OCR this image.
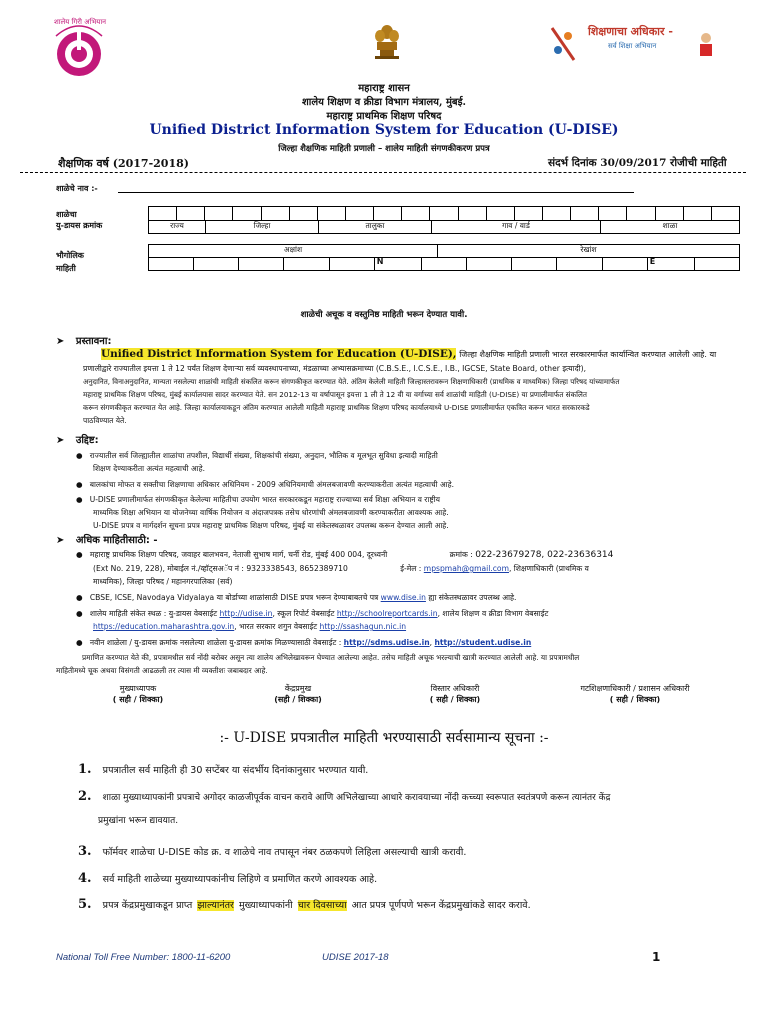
शालेय गिरी अभियान
शिक्षणाचा अधिकार -
सर्व शिक्षा अभियान
महाराष्ट्र शासन
शालेय शिक्षण व क्रीडा विभाग मंत्रालय, मुंबई.
महाराष्ट्र प्राथमिक शिक्षण परिषद
Unified District Information System for Education (U-DISE)
जिल्हा शैक्षणिक माहिती प्रणाली – शालेय माहिती संगणकीकरण प्रपत्र
शैक्षणिक वर्ष (2017-2018)	संदर्भ दिनांक 30/09/2017 रोजीची माहिती
शाळेचे नाव :-
शाळेचा
यु-डायस क्रमांक	राज्य	जिल्हा	तालुका	गाव / वार्ड	शाळा
भौगोलिक
माहिती
अक्षांश	रेखांश
N	E
शाळेची अचूक व वस्तुनिष्ठ माहिती भरून देण्यात यावी.
➤ प्रस्तावना:
Unified District Information System for Education (U-DISE), जिल्हा शैक्षणिक माहिती प्रणाली भारत सरकारमार्फत कार्यान्वित करण्यात आलेली आहे. या
प्रणालीद्वारे राज्यातील इयत्ता 1 ते 12 पर्यंत शिक्षण देणाऱ्या सर्व व्यवस्थापनाच्या, मंडळाच्या अभ्यासक्रमाच्या (C.B.S.E., I.C.S.E., I.B., IGCSE, State Board, other इत्यादी),
अनुदानित, विनाअनुदानित, मान्यता नसलेल्या शाळांची माहिती संकलित करून संगणकीकृत करण्यात येते. अंतिम केलेली माहिती जिल्हास्तरावरून शिक्षणाधिकारी (प्राथमिक व माध्यमिक) जिल्हा परिषद यांच्यामार्फत
महाराष्ट्र प्राथमिक शिक्षण परिषद, मुंबई कार्यालयास सादर करण्यात येते. सन 2012-13 या वर्षापासून इयत्ता 1 ली ते 12 वी या वर्गाच्या सर्व शाळांची माहिती (U-DISE) या प्रणालीमार्फत संकलित
करून संगणकीकृत करण्यात येत आहे. जिल्हा कार्यालयाकडून अंतिम करण्यात आलेली माहिती महाराष्ट्र प्राथमिक शिक्षण परिषद कार्यालयाध्ये U-DISE प्रणालीमार्फत एकत्रित करून भारत सरकारकडे
पाठविण्यात येते.
➤ उद्दिष्ट:
●   राज्यातील सर्व जिल्ह्यातील शाळांचा तपशील, विद्यार्थी संख्या, शिक्षकांची संख्या, अनुदान, भौतिक व मूलभूत सुविधा इत्यादी माहिती
शिक्षण देण्याकरीता अत्यंत महत्वाची आहे.
●   बालकांचा मोफत व सक्तीचा शिक्षणाचा अधिकार अधिनियम - 2009 अधिनियमाची अंमलबजावणी करण्याकरीता अत्यंत महत्वाची आहे.
●   U-DISE प्रणालीमार्फत संगणकीकृत केलेल्या माहितीचा उपयोग भारत सरकारकडून महाराष्ट्र राज्याच्या सर्व शिक्षा अभियान व राष्ट्रीय
माध्यमिक शिक्षा अभियान या योजनेच्या वार्षिक नियोजन व अंदाजपत्रक तसेच धोरणांची अंमलबजावणी करण्याकरीता आवश्यक आहे.
U-DISE प्रपत्र व मार्गदर्शन सूचना प्रपत्र महाराष्ट्र प्राथमिक शिक्षण परिषद, मुंबई या संकेतस्थळावर उपलब्ध करून देण्यात आली आहे.
➤ अधिक माहितीसाठी: -
●   महाराष्ट्र प्राथमिक शिक्षण परिषद, जवाहर बालभवन, नेताजी सुभाष मार्ग, चर्नी रोड, मुंबई 400 004, दूरध्वनी	क्रमांक : 022-23679278, 022-23636314
(Ext No. 219, 228), मोबाईल नं./व्हॉट्सअॅप नं : 9323338543, 8652389710	ई-मेल : mpspmah@gmail.com, शिक्षणाधिकारी (प्राथमिक व
माध्यमिक), जिल्हा परिषद / महानगरपालिका (सर्व)
●   CBSE, ICSE, Navodaya Vidyalaya या बोर्डाच्या शाळांसाठी DISE प्रपत्र भरून देण्याबाबतचे पत्र www.dise.in ह्या संकेतस्थळावर उपलब्ध आहे.
●   शालेय माहिती संकेत स्थळ : यु-डायस वेबसाईट http://udise.in, स्कूल रिपोर्ट वेबसाईट http://schoolreportcards.in, शालेय शिक्षण व क्रीडा विभाग वेबसाईट
https://education.maharashtra.gov.in, भारत सरकार शगुन वेबसाईट http://ssashagun.nic.in
●   नवीन शाळेला / यु-डायस क्रमांक नसलेल्या शाळेला यु-डायस क्रमांक मिळण्यासाठी वेबसाईट : http://sdms.udise.in, http://student.udise.in
प्रमाणित करण्यात येते की, प्रपत्रामधील सर्व नोंदी बरोबर असून त्या शालेय अभिलेखावरून घेण्यात आलेल्या आहेत. तसेच माहिती अचूक भरल्याची खात्री करण्यात आलेली आहे. या प्रपत्रामधील
माहितीमध्ये चूक अथवा विसंगती आढळली तर त्यास मी व्यक्तीशः जबाबदार आहे.
मुख्याध्यापक
( सही / शिक्का)
केंद्रप्रमुख
(सही / शिक्का)
विस्तार अधिकारी
( सही / शिक्का)
गटशिक्षणाधिकारी / प्रशासन अधिकारी
( सही / शिक्का)
:- U-DISE प्रपत्रातील माहिती भरण्यासाठी सर्वसामान्य सूचना :-
1. प्रपत्रातील सर्व माहिती ही 30 सप्टेंबर या संदर्भीय दिनांकानुसार भरण्यात यावी.
2. शाळा मुख्याध्यापकांनी प्रपत्राचे अगोदर काळजीपूर्वक वाचन करावे आणि अभिलेखाच्या आधारे करावयाच्या नोंदी कच्च्या स्वरूपात स्वतंत्रपणे करून त्यानंतर केंद्र
प्रमुखांना भरून द्यावयात.
3. फॉर्मवर शाळेचा U-DISE कोड क्र. व शाळेचे नाव तपासून नंबर ठळकपणे लिहिला असल्याची खात्री करावी.
4. सर्व माहिती शाळेच्या मुख्याध्यापकांनीच लिहिणे व प्रमाणित करणे आवश्यक आहे.
5. प्रपत्र केंद्रप्रमुखाकडून प्राप्त झाल्यानंतर मुख्याध्यापकांनी चार दिवसाच्या आत प्रपत्र पूर्णपणे भरून केंद्रप्रमुखांकडे सादर करावे.
National Toll Free Number: 1800-11-6200	UDISE 2017-18	1
